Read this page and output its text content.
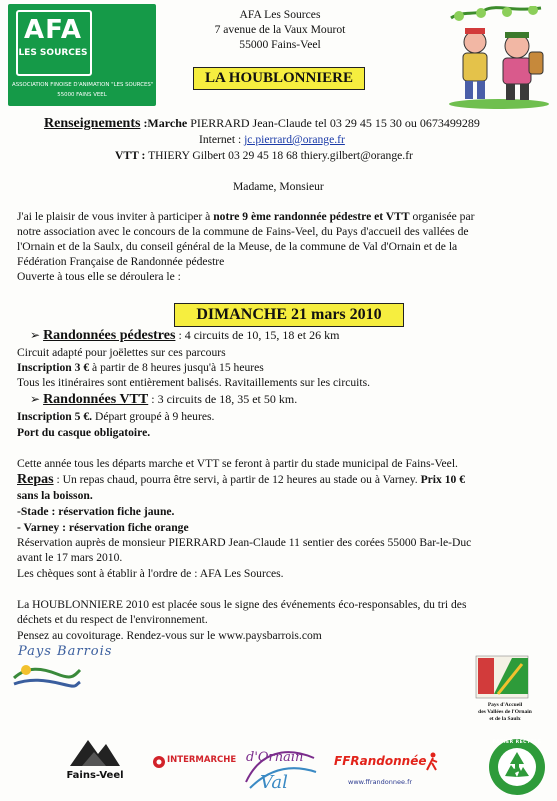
AFA
LES SOURCES
ASSOCIATION FINOISE D'ANIMATION "LES SOURCES"
55000 FAINS VEEL
AFA Les Sources
7 avenue de la Vaux Mourot
55000 Fains-Veel
LA HOUBLONNIERE
Renseignements :Marche PIERRARD Jean-Claude tel 03 29 45 15 30 ou 0673499289
Internet : jc.pierrard@orange.fr
VTT : THIERY Gilbert 03 29 45 18 68 thiery.gilbert@orange.fr
Madame, Monsieur
J'ai le plaisir de vous inviter à participer à notre 9 ème randonnée pédestre et VTT organisée par
notre association avec le concours de la commune de Fains-Veel, du Pays d'accueil des vallées de
l'Ornain et de la Saulx, du conseil général de la Meuse, de la commune de Val d'Ornain et de la
Fédération Française de Randonnée pédestre
Ouverte à tous elle se déroulera le :
DIMANCHE 21 mars 2010
➢ Randonnées pédestres : 4 circuits de 10, 15, 18 et 26 km
Circuit adapté pour joëlettes sur ces parcours
Inscription 3 € à partir de 8 heures jusqu'à 15 heures
Tous les itinéraires sont entièrement balisés. Ravitaillements sur les circuits.
➢ Randonnées VTT : 3 circuits de 18, 35 et 50 km.
Inscription 5 €. Départ groupé à 9 heures.
Port du casque obligatoire.
Cette année tous les départs marche et VTT se feront à partir du stade municipal de Fains-Veel.
Repas : Un repas chaud, pourra être servi, à partir de 12 heures au stade ou à Varney. Prix 10 €
sans la boisson.
-Stade : réservation fiche jaune.
- Varney : réservation fiche orange
Réservation auprès de monsieur PIERRARD Jean-Claude 11 sentier des corées 55000 Bar-le-Duc
avant le 17 mars 2010.
Les chèques sont à établir à l'ordre de : AFA Les Sources.
La HOUBLONNIERE 2010 est placée sous le signe des événements éco-responsables, du tri des
déchets et du respect de l'environnement.
Pensez au covoiturage. Rendez-vous sur le www.paysbarrois.com
Pays Barrois
Pays d'Accueil
des Vallées de l'Ornain
et de la Saulx
Fains-Veel
INTERMARCHE d'Ornain
Val
FFRandonnée
www.ffrandonnee.fr
PAPIER RECYCLÉ
